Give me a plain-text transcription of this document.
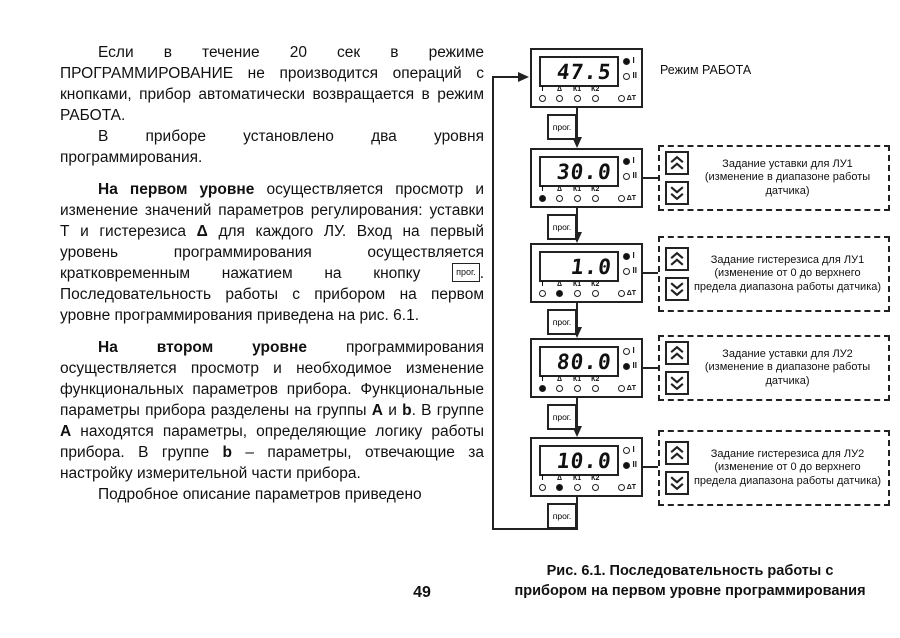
Если в течение 20 сек в режиме ПРОГРАММИРОВАНИЕ не производится операций с кнопками, прибор автоматически возвращается в режим РАБОТА.

В приборе установлено два уровня программирования.

На первом уровне осуществляется просмотр и изменение значений параметров регулирования: уставки Т и гистерезиса Δ для каждого ЛУ. Вход на первый уровень программирования осуществляется кратковременным нажатием на кнопку прог. . Последовательность работы с прибором на первом уровне программирования приведена на рис. 6.1.

На втором уровне программирования осуществляется просмотр и необходимое изменение функциональных параметров прибора. Функциональные параметры прибора разделены на группы А и b. В группе А находятся параметры, определяющие логику работы прибора. В группе b – параметры, отвечающие за настройку измерительной части прибора.

Подробное описание параметров приведено

Режим РАБОТА
Рис. 6.1. Последовательность работы с
прибором на первом уровне программирования
47.5 I
II
Т Δ К1 К2
ΔТ
прог.
30.0 I
II
Т Δ К1 К2
ΔТ
прог.
Задание уставки для ЛУ1 (изменение в диапазоне работы датчика)
1.0 I
II
Т Δ К1 К2
ΔТ
прог.
Задание гистерезиса для ЛУ1 (изменение от 0 до верхнего предела диапазона работы датчика)
80.0 I
II
Т Δ К1 К2
ΔТ
прог.
Задание уставки для ЛУ2 (изменение в диапазоне работы датчика)
10.0 I
II
Т Δ К1 К2
ΔТ
прог.
Задание гистерезиса для ЛУ2 (изменение от 0 до верхнего предела диапазона работы датчика)
49
